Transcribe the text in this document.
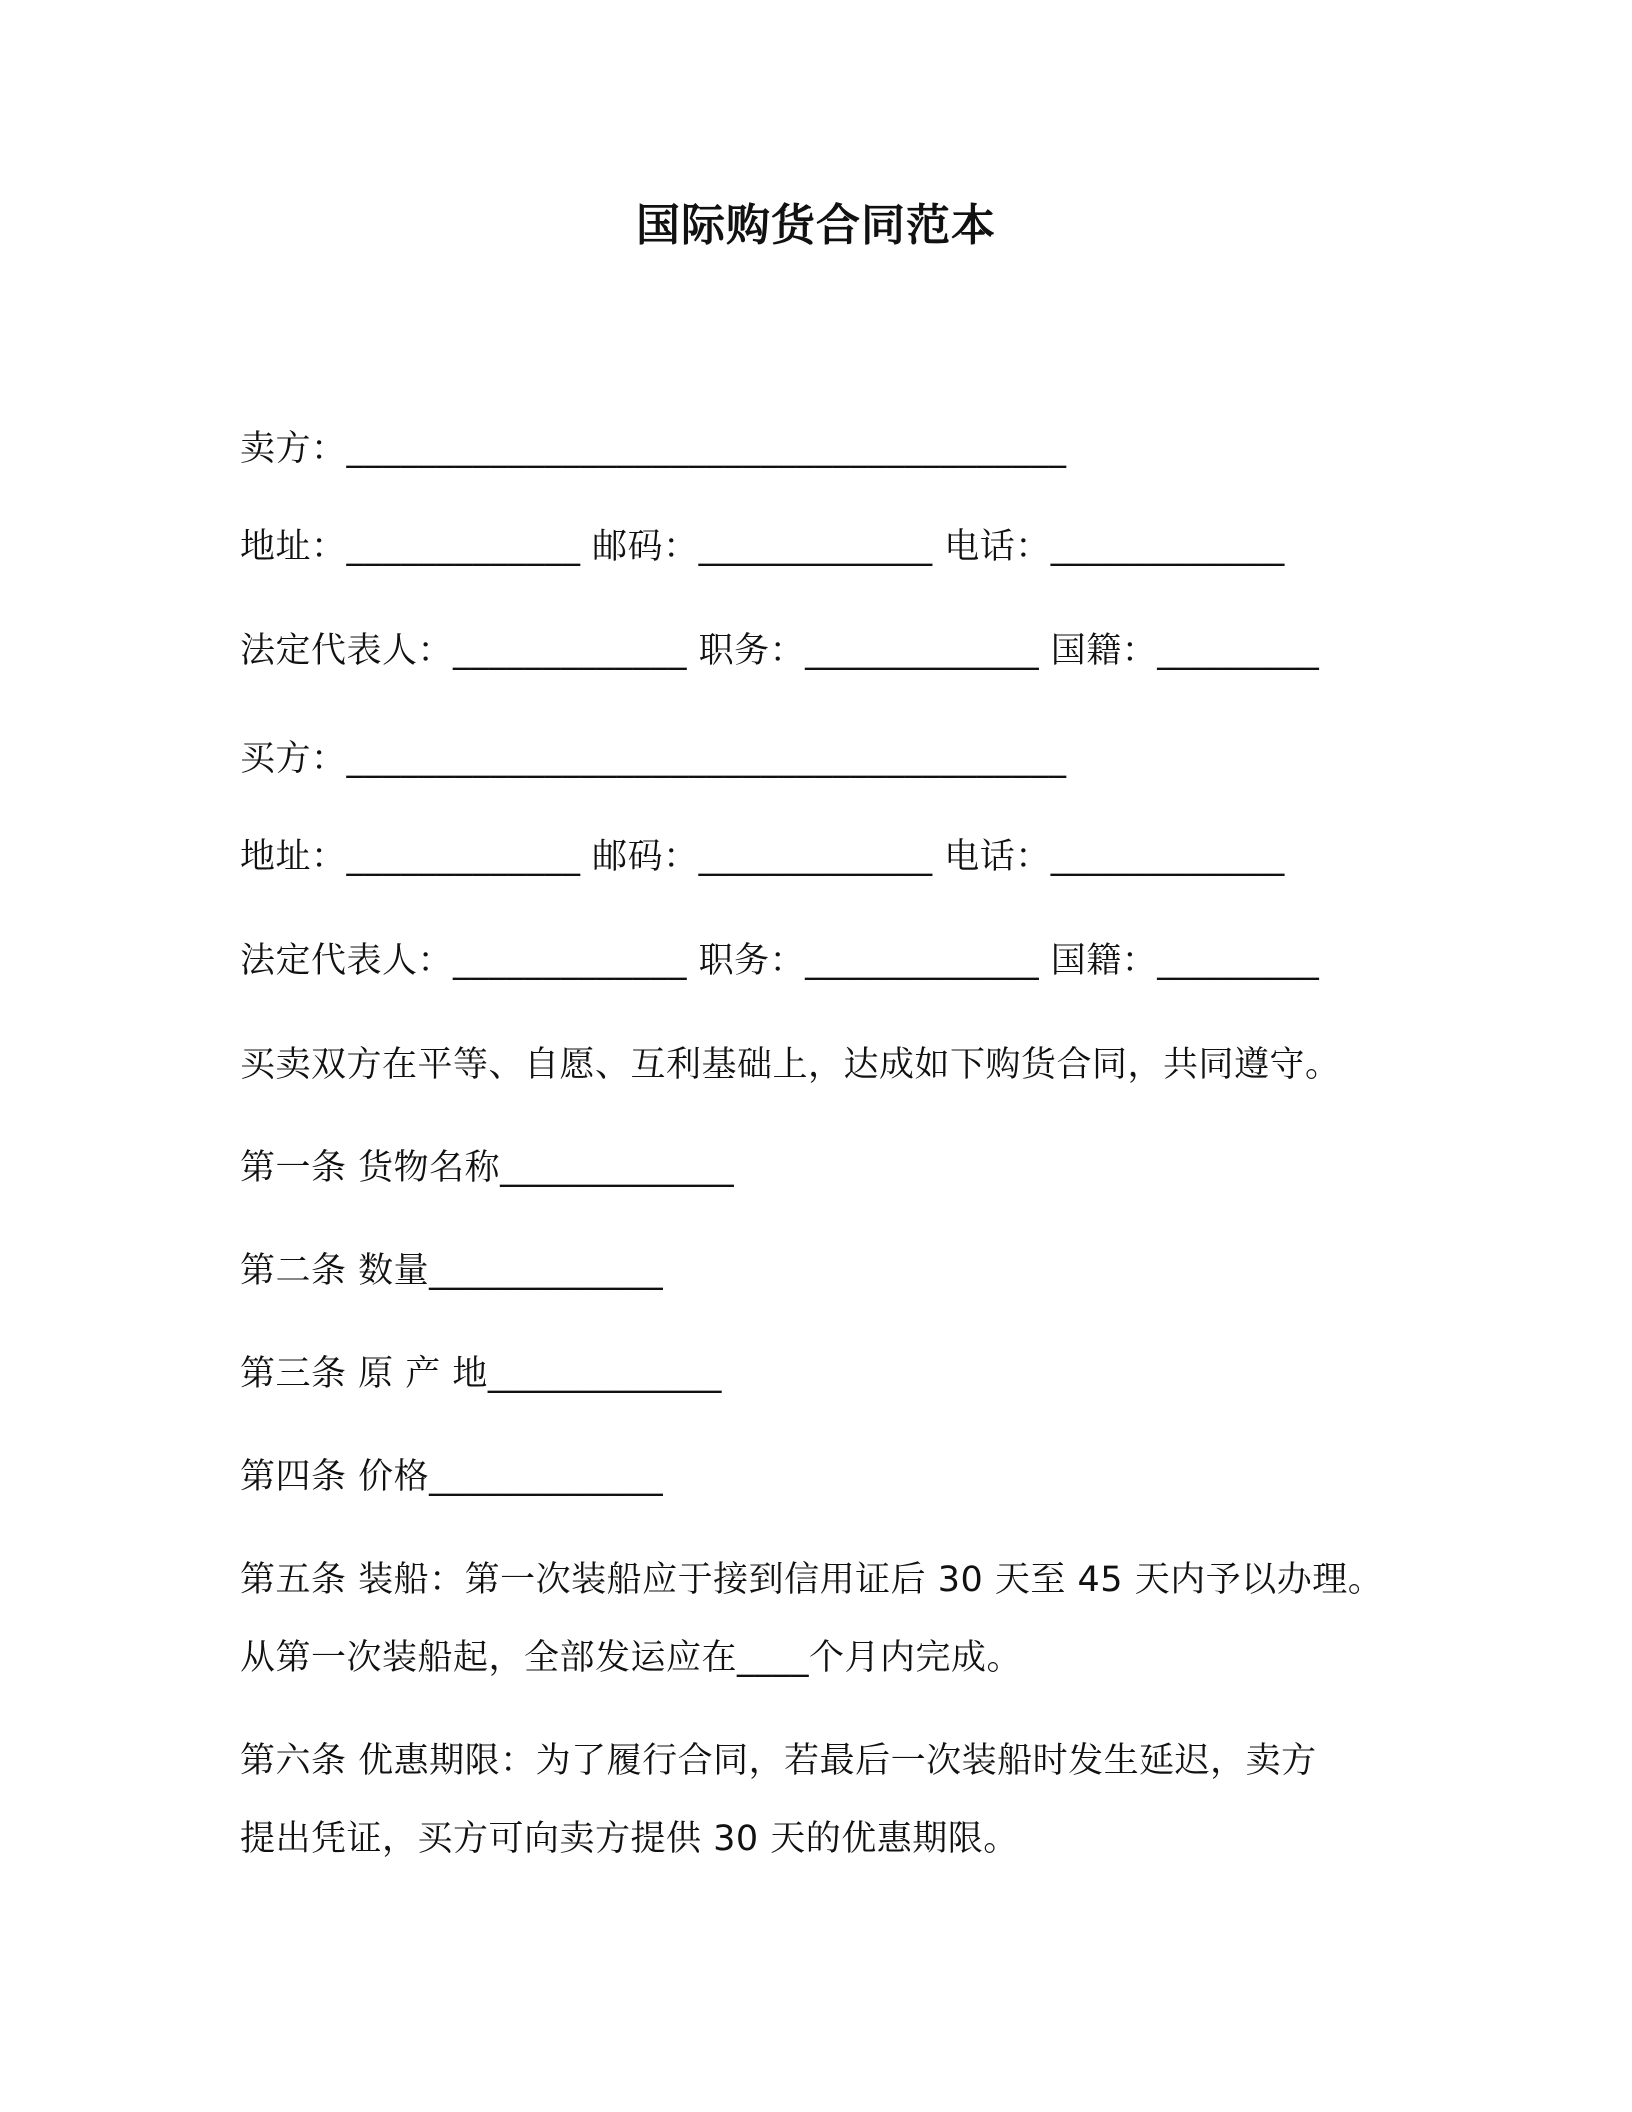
国际购货合同范本
卖方：________________________________________
地址：_____________ 邮码：_____________ 电话：_____________
法定代表人：_____________ 职务：_____________ 国籍：_________
买方：________________________________________
地址：_____________ 邮码：_____________ 电话：_____________
法定代表人：_____________ 职务：_____________ 国籍：_________
买卖双方在平等、自愿、互利基础上，达成如下购货合同，共同遵守。
第一条 货物名称_____________
第二条 数量_____________
第三条 原 产 地_____________
第四条 价格_____________
第五条 装船：第一次装船应于接到信用证后 30 天至 45 天内予以办理。
从第一次装船起，全部发运应在____个月内完成。
第六条 优惠期限：为了履行合同，若最后一次装船时发生延迟，卖方
提出凭证，买方可向卖方提供 30 天的优惠期限。
